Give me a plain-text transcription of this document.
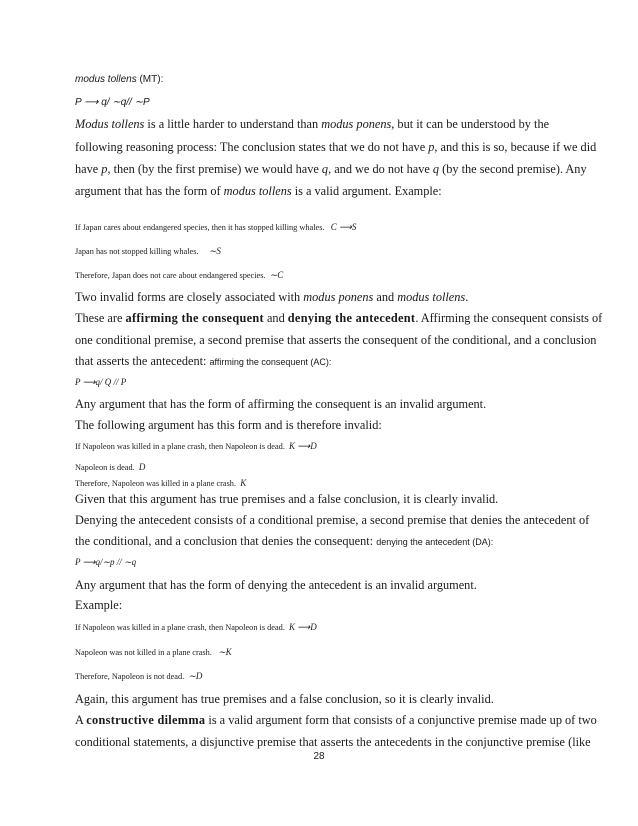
modus tollens (MT):
P ⟶ q/ ∼q// ∼P
Modus tollens is a little harder to understand than modus ponens, but it can be understood by the
following reasoning process: The conclusion states that we do not have p, and this is so, because if we did
have p, then (by the first premise) we would have q, and we do not have q (by the second premise). Any
argument that has the form of modus tollens is a valid argument. Example:
If Japan cares about endangered species, then it has stopped killing whales. C ⟶S
Japan has not stopped killing whales. ∼S
Therefore, Japan does not care about endangered species. ∼C
Two invalid forms are closely associated with modus ponens and modus tollens.
These are affirming the consequent and denying the antecedent. Affirming the consequent consists of
one conditional premise, a second premise that asserts the consequent of the conditional, and a conclusion
that asserts the antecedent: affirming the consequent (AC):
P ⟶q/ Q // P
Any argument that has the form of affirming the consequent is an invalid argument.
The following argument has this form and is therefore invalid:
If Napoleon was killed in a plane crash, then Napoleon is dead. K ⟶D
Napoleon is dead. D
Therefore, Napoleon was killed in a plane crash. K
Given that this argument has true premises and a false conclusion, it is clearly invalid.
Denying the antecedent consists of a conditional premise, a second premise that denies the antecedent of
the conditional, and a conclusion that denies the consequent: denying the antecedent (DA):
P ⟶q/∼p // ∼q
Any argument that has the form of denying the antecedent is an invalid argument.
Example:
If Napoleon was killed in a plane crash, then Napoleon is dead. K ⟶D
Napoleon was not killed in a plane crash. ∼K
Therefore, Napoleon is not dead. ∼D
Again, this argument has true premises and a false conclusion, so it is clearly invalid.
A constructive dilemma is a valid argument form that consists of a conjunctive premise made up of two
conditional statements, a disjunctive premise that asserts the antecedents in the conjunctive premise (like
28
